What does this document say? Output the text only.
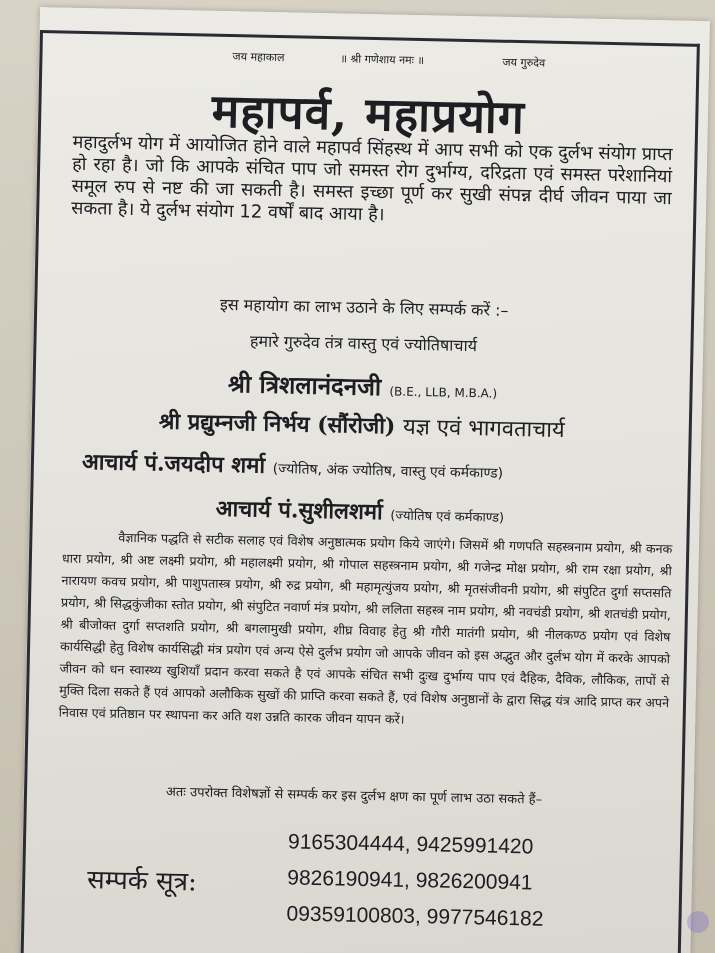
जय महाकाल	॥ श्री गणेशाय नमः ॥	जय गुरुदेव
महापर्व, महाप्रयोग
महादुर्लभ योग में आयोजित होने वाले महापर्व सिंहस्थ में आप सभी को एक दुर्लभ संयोग प्राप्त हो रहा है। जो कि आपके संचित पाप जो समस्त रोग दुर्भाग्य, दरिद्रता एवं समस्त परेशानियां समूल रुप से नष्ट की जा सकती है। समस्त इच्छा पूर्ण कर सुखी संपन्न दीर्घ जीवन पाया जा सकता है। ये दुर्लभ संयोग 12 वर्षों बाद आया है।
इस महायोग का लाभ उठाने के लिए सम्पर्क करें :–
हमारे गुरुदेव तंत्र वास्तु एवं ज्योतिषाचार्य
श्री त्रिशलानंदनजी (B.E., LLB, M.B.A.)
श्री प्रद्युम्नजी निर्भय (सौंरोजी) यज्ञ एवं भागवताचार्य
आचार्य पं.जयदीप शर्मा (ज्योतिष, अंक ज्योतिष, वास्तु एवं कर्मकाण्ड)
आचार्य पं.सुशीलशर्मा (ज्योतिष एवं कर्मकाण्ड)
वैज्ञानिक पद्धति से सटीक सलाह एवं विशेष अनुष्ठात्मक प्रयोग किये जाएंगे। जिसमें श्री गणपति सहस्त्रनाम प्रयोग, श्री कनक धारा प्रयोग, श्री अष्ट लक्ष्मी प्रयोग, श्री महालक्ष्मी प्रयोग, श्री गोपाल सहस्त्रनाम प्रयोग, श्री गजेन्द्र मोक्ष प्रयोग, श्री राम रक्षा प्रयोग, श्री नारायण कवच प्रयोग, श्री पाशुपतास्त्र प्रयोग, श्री रुद्र प्रयोग, श्री महामृत्युंजय प्रयोग, श्री मृतसंजीवनी प्रयोग, श्री संपुटित दुर्गा सप्तसति प्रयोग, श्री सिद्धकुंजीका स्तोत प्रयोग, श्री संपुटित नवार्ण मंत्र प्रयोग, श्री ललिता सहस्त्र नाम प्रयोग, श्री नवचंडी प्रयोग, श्री शतचंडी प्रयोग, श्री बीजोक्त दुर्गा सप्तशति प्रयोग, श्री बगलामुखी प्रयोग, शीघ्र विवाह हेतु श्री गौरी मातंगी प्रयोग, श्री नीलकण्ठ प्रयोग एवं विशेष कार्यसिद्धी हेतु विशेष कार्यसिद्धी मंत्र प्रयोग एवं अन्य ऐसे दुर्लभ प्रयोग जो आपके जीवन को इस अद्भुत और दुर्लभ योग में करके आपको जीवन को धन स्वास्थ्य खुशियाँ प्रदान करवा सकते है एवं आपके संचित सभी दुःख दुर्भाग्य पाप एवं दैहिक, दैविक, लौकिक, तापों से मुक्ति दिला सकते हैं एवं आपको अलौकिक सुखों की प्राप्ति करवा सकते हैं, एवं विशेष अनुष्ठानों के द्वारा सिद्ध यंत्र आदि प्राप्त कर अपने निवास एवं प्रतिष्ठान पर स्थापना कर अति यश उन्नति कारक जीवन यापन करें।
अतः उपरोक्त विशेषज्ञों से सम्पर्क कर इस दुर्लभ क्षण का पूर्ण लाभ उठा सकते हैं–
सम्पर्क सूत्र:
9165304444, 9425991420
9826190941, 9826200941
09359100803, 9977546182
